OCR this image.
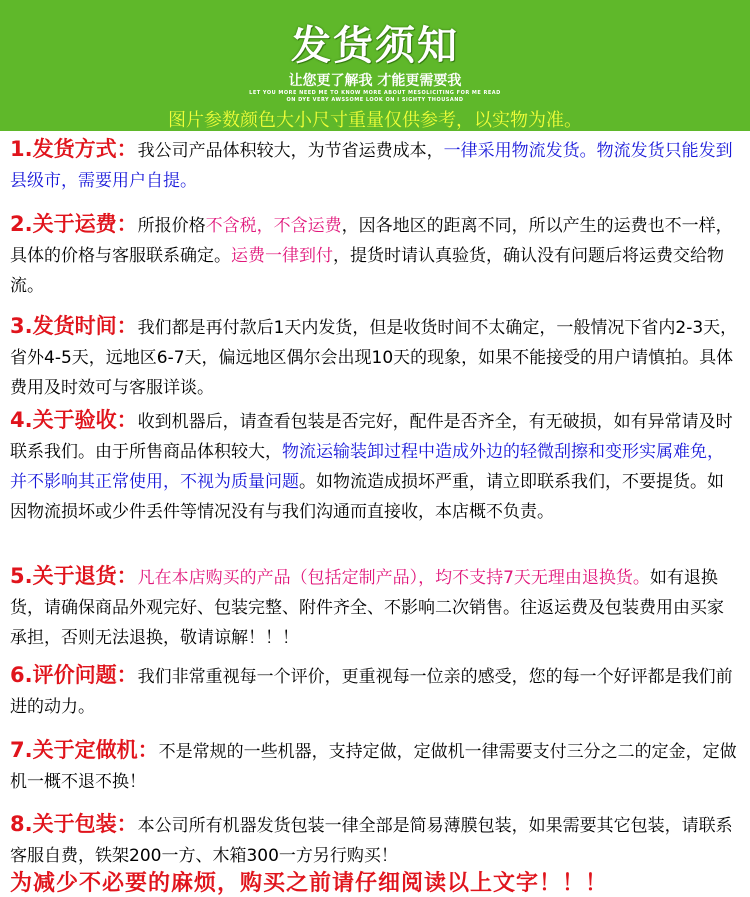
发货须知
让您更了解我 才能更需要我
LET YOU MORE NEED ME TO KNOW MORE ABOUT MESOLICITING FOR ME READ
ON DYE VERY AWSSOME LOOK ON I SIGHTY THOUSAND
图片参数颜色大小尺寸重量仅供参考，以实物为准。
1.发货方式：我公司产品体积较大，为节省运费成本，一律采用物流发货。物流发货只能发到县级市，需要用户自提。
2.关于运费：所报价格不含税，不含运费，因各地区的距离不同，所以产生的运费也不一样，具体的价格与客服联系确定。运费一律到付，提货时请认真验货，确认没有问题后将运费交给物流。
3.发货时间：我们都是再付款后1天内发货，但是收货时间不太确定，一般情况下省内2-3天，省外4-5天，远地区6-7天，偏远地区偶尔会出现10天的现象，如果不能接受的用户请慎拍。具体费用及时效可与客服详谈。
4.关于验收：收到机器后，请查看包装是否完好，配件是否齐全，有无破损，如有异常请及时联系我们。由于所售商品体积较大，物流运输装卸过程中造成外边的轻微刮擦和变形实属难免，并不影响其正常使用，不视为质量问题。如物流造成损坏严重，请立即联系我们，不要提货。如因物流损坏或少件丢件等情况没有与我们沟通而直接收，本店概不负责。
5.关于退货：凡在本店购买的产品（包括定制产品），均不支持7天无理由退换货。如有退换货，请确保商品外观完好、包装完整、附件齐全、不影响二次销售。往返运费及包装费用由买家承担，否则无法退换，敬请谅解！！！
6.评价问题：我们非常重视每一个评价，更重视每一位亲的感受，您的每一个好评都是我们前进的动力。
7.关于定做机：不是常规的一些机器，支持定做，定做机一律需要支付三分之二的定金，定做机一概不退不换！
8.关于包装：本公司所有机器发货包装一律全部是简易薄膜包装，如果需要其它包装，请联系客服自费，铁架200一方、木箱300一方另行购买！
为减少不必要的麻烦，购买之前请仔细阅读以上文字！！！
